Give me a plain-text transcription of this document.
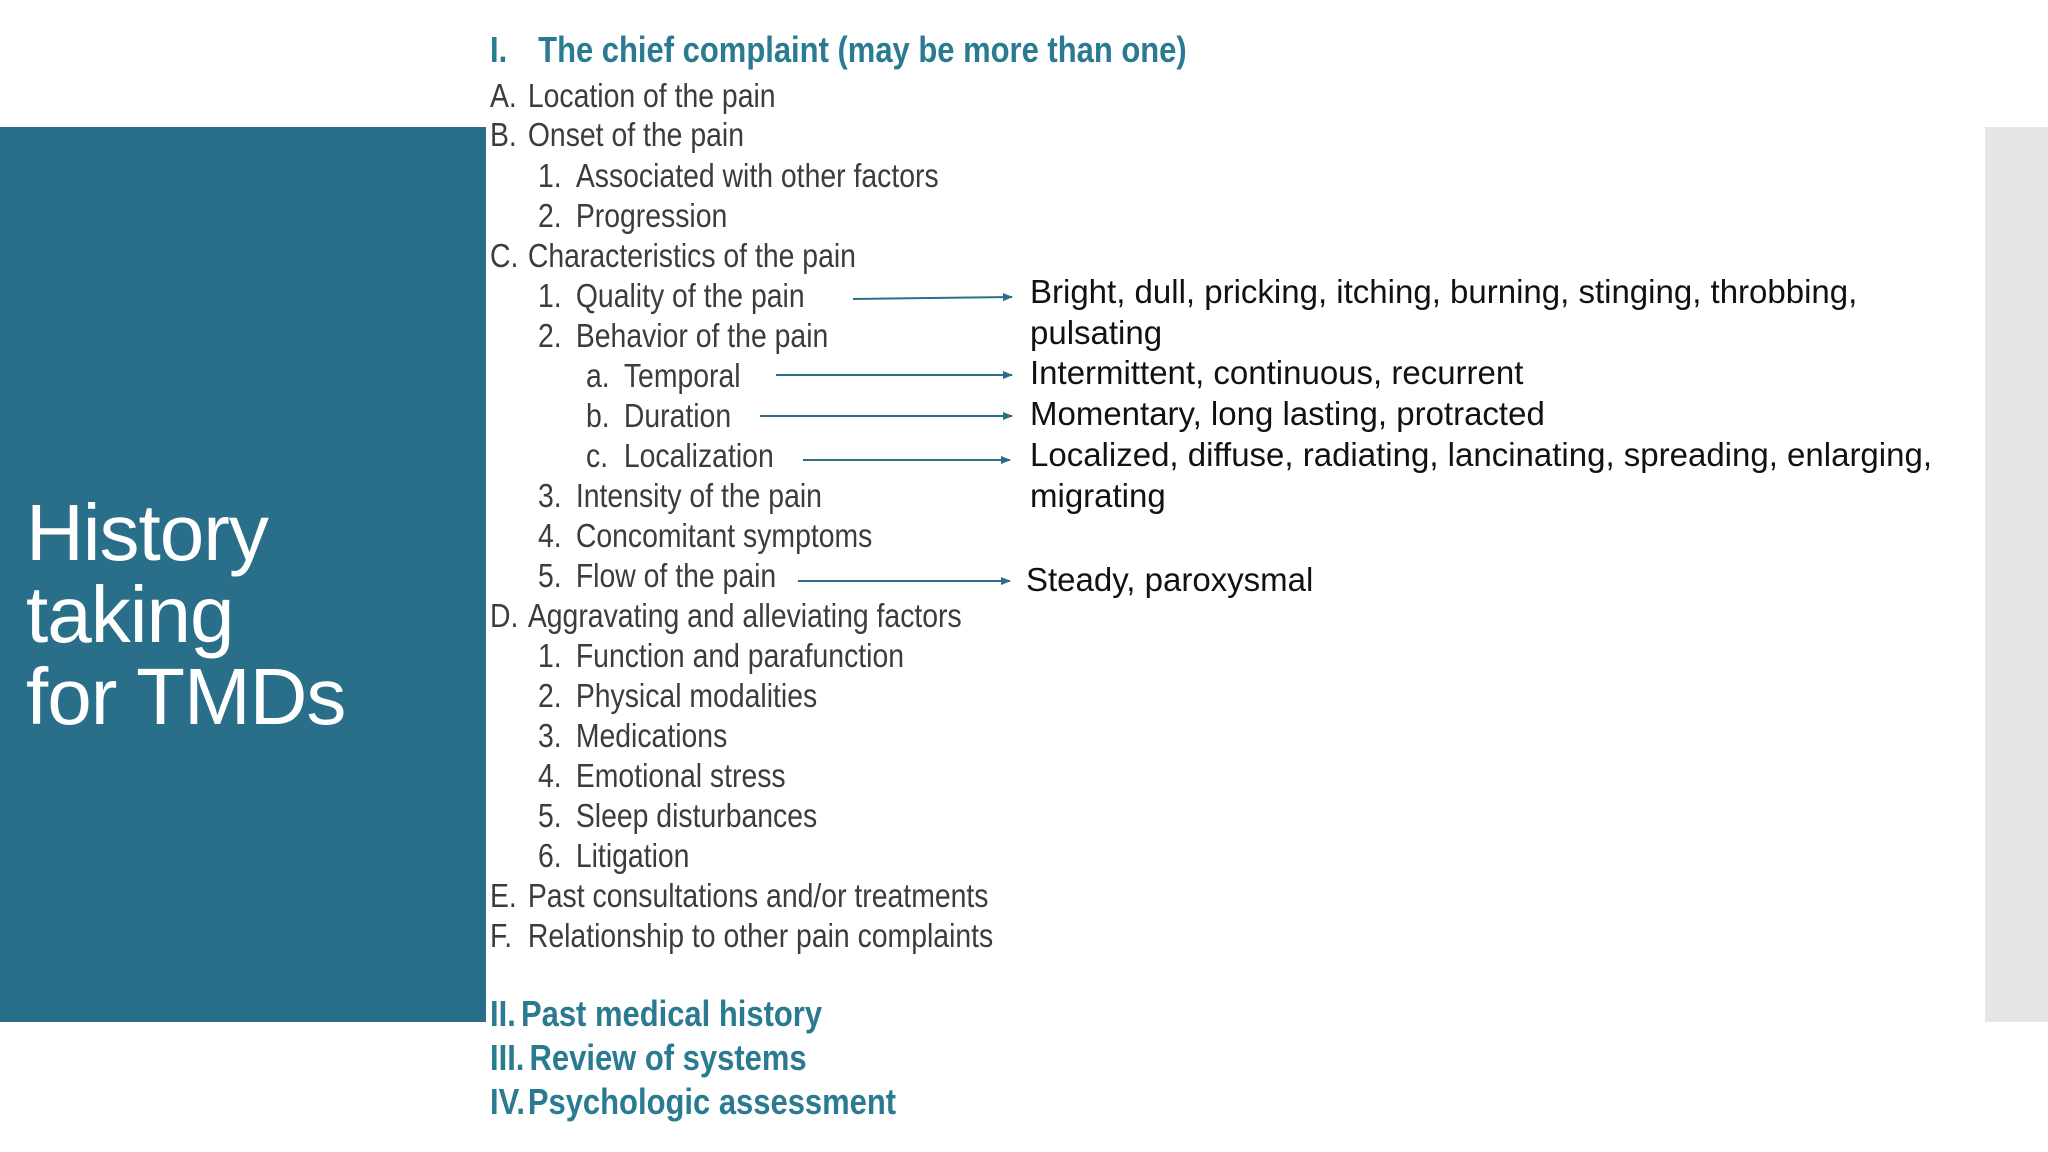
History taking
for TMDs
I. The chief complaint (may be more than one)
A. Location of the pain
B. Onset of the pain
1. Associated with other factors
2. Progression
C. Characteristics of the pain
1. Quality of the pain
2. Behavior of the pain
a. Temporal
b. Duration
c. Localization
3. Intensity of the pain
4. Concomitant symptoms
5. Flow of the pain
D. Aggravating and alleviating factors
1. Function and parafunction
2. Physical modalities
3. Medications
4. Emotional stress
5. Sleep disturbances
6. Litigation
E. Past consultations and/or treatments
F. Relationship to other pain complaints
II. Past medical history
III. Review of systems
IV.Psychologic assessment
Bright, dull, pricking, itching, burning, stinging, throbbing,
pulsating
Intermittent, continuous, recurrent
Momentary, long lasting, protracted
Localized, diffuse, radiating, lancinating, spreading, enlarging,
migrating
Steady, paroxysmal
